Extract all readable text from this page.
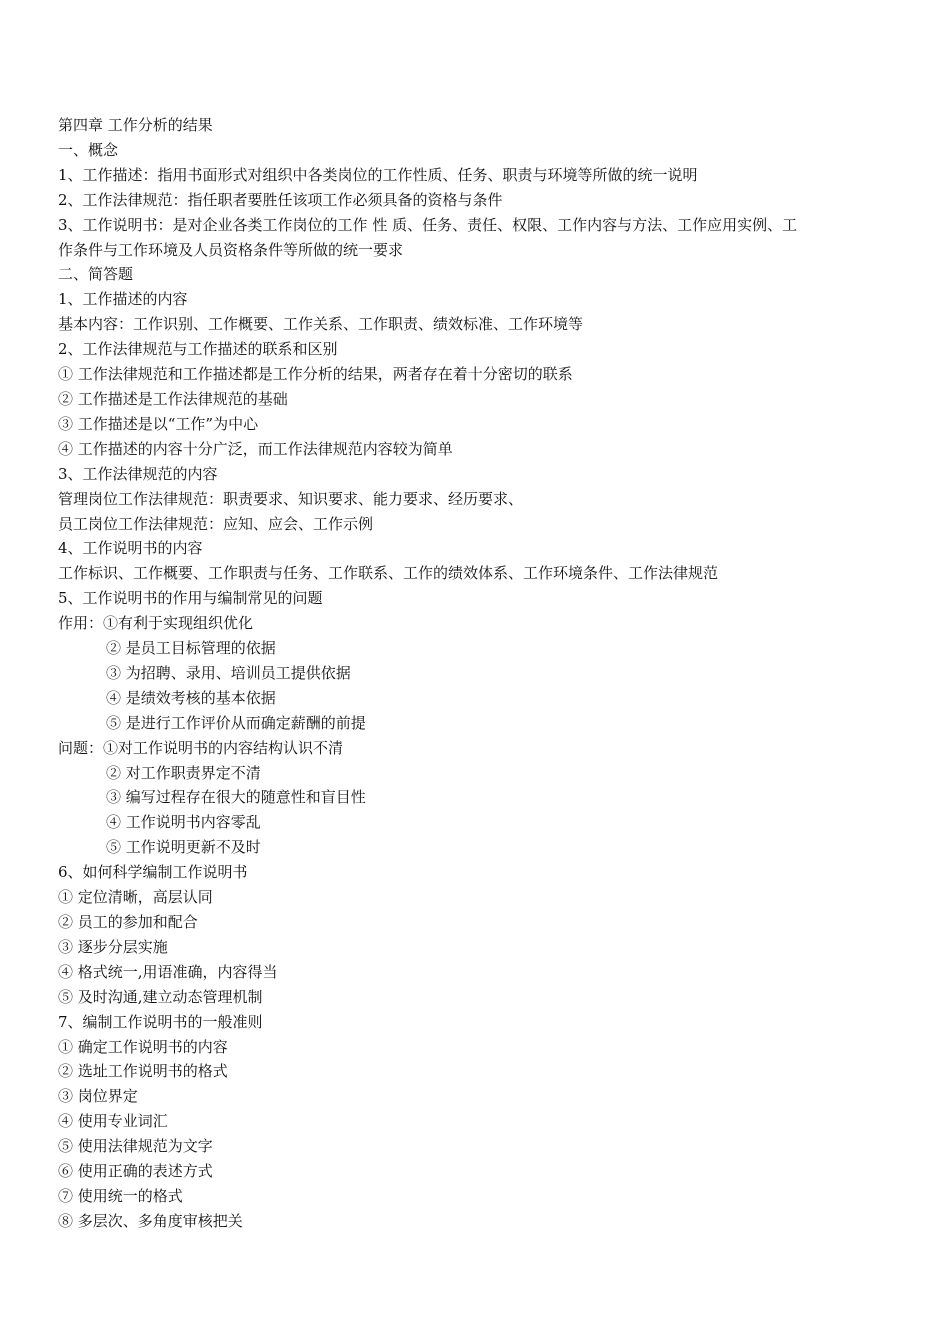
第四章 工作分析的结果

一、概念

1、工作描述：指用书面形式对组织中各类岗位的工作性质、任务、职责与环境等所做的统一说明

2、工作法律规范：指任职者要胜任该项工作必须具备的资格与条件

3、工作说明书：是对企业各类工作岗位的工作 性 质、任务、责任、权限、工作内容与方法、工作应用实例、工

作条件与工作环境及人员资格条件等所做的统一要求

二、简答题

1、工作描述的内容

基本内容：工作识别、工作概要、工作关系、工作职责、绩效标准、工作环境等

2、工作法律规范与工作描述的联系和区别

① 工作法律规范和工作描述都是工作分析的结果，两者存在着十分密切的联系

② 工作描述是工作法律规范的基础

③ 工作描述是以“工作”为中心

④ 工作描述的内容十分广泛，而工作法律规范内容较为简单

3、工作法律规范的内容

管理岗位工作法律规范：职责要求、知识要求、能力要求、经历要求、

员工岗位工作法律规范：应知、应会、工作示例

4、工作说明书的内容

工作标识、工作概要、工作职责与任务、工作联系、工作的绩效体系、工作环境条件、工作法律规范

5、工作说明书的作用与编制常见的问题

作用：①有利于实现组织优化

② 是员工目标管理的依据

③ 为招聘、录用、培训员工提供依据

④ 是绩效考核的基本依据

⑤ 是进行工作评价从而确定薪酬的前提

问题：①对工作说明书的内容结构认识不清

② 对工作职责界定不清

③ 编写过程存在很大的随意性和盲目性

④ 工作说明书内容零乱

⑤ 工作说明更新不及时

6、如何科学编制工作说明书

① 定位清晰，高层认同

② 员工的参加和配合

③ 逐步分层实施

④ 格式统一,用语准确，内容得当

⑤ 及时沟通,建立动态管理机制

7、编制工作说明书的一般准则

① 确定工作说明书的内容

② 选址工作说明书的格式

③ 岗位界定

④ 使用专业词汇

⑤ 使用法律规范为文字

⑥ 使用正确的表述方式

⑦ 使用统一的格式

⑧ 多层次、多角度审核把关
